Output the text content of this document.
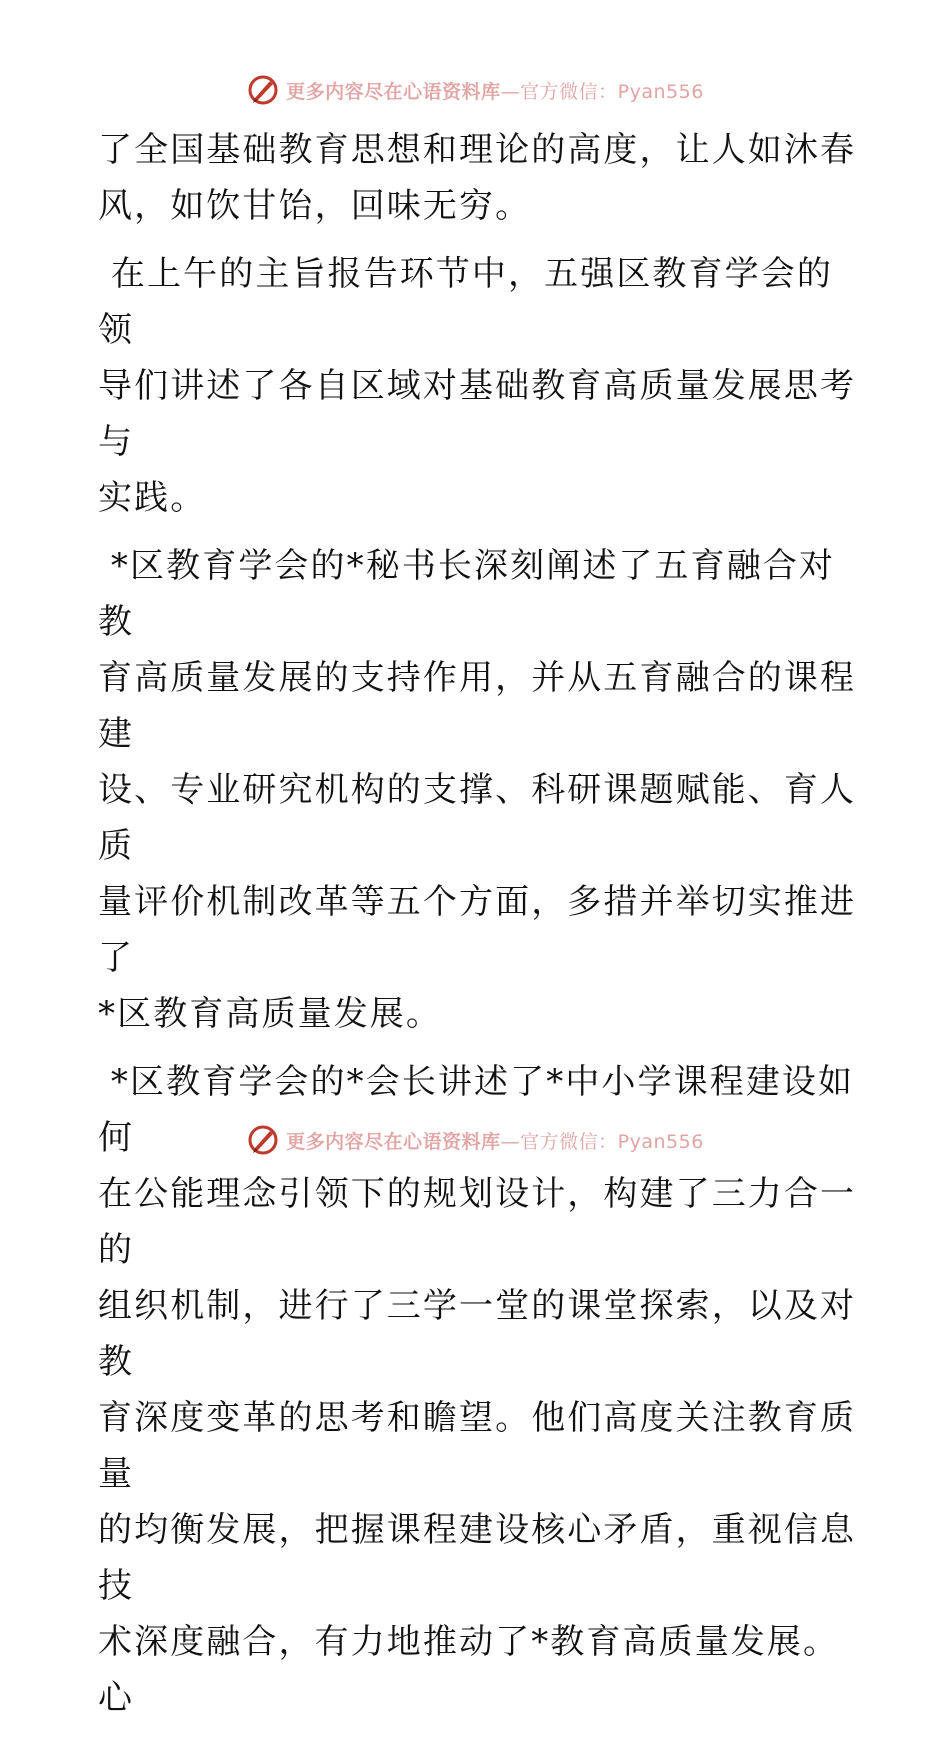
更多内容尽在心语资料库—官方微信：Pyan556

了全国基础教育思想和理论的高度，让人如沐春
风，如饮甘饴，回味无穷。

在上午的主旨报告环节中，五强区教育学会的领
导们讲述了各自区域对基础教育高质量发展思考与
实践。

*区教育学会的*秘书长深刻阐述了五育融合对教
育高质量发展的支持作用，并从五育融合的课程建
设、专业研究机构的支撑、科研课题赋能、育人质
量评价机制改革等五个方面，多措并举切实推进了
*区教育高质量发展。

*区教育学会的*会长讲述了*中小学课程建设如何
在公能理念引领下的规划设计，构建了三力合一的
组织机制，进行了三学一堂的课堂探索，以及对教
育深度变革的思考和瞻望。他们高度关注教育质量
的均衡发展，把握课程建设核心矛盾，重视信息技
术深度融合，有力地推动了*教育高质量发展。心

更多内容尽在心语资料库—官方微信：Pyan556
